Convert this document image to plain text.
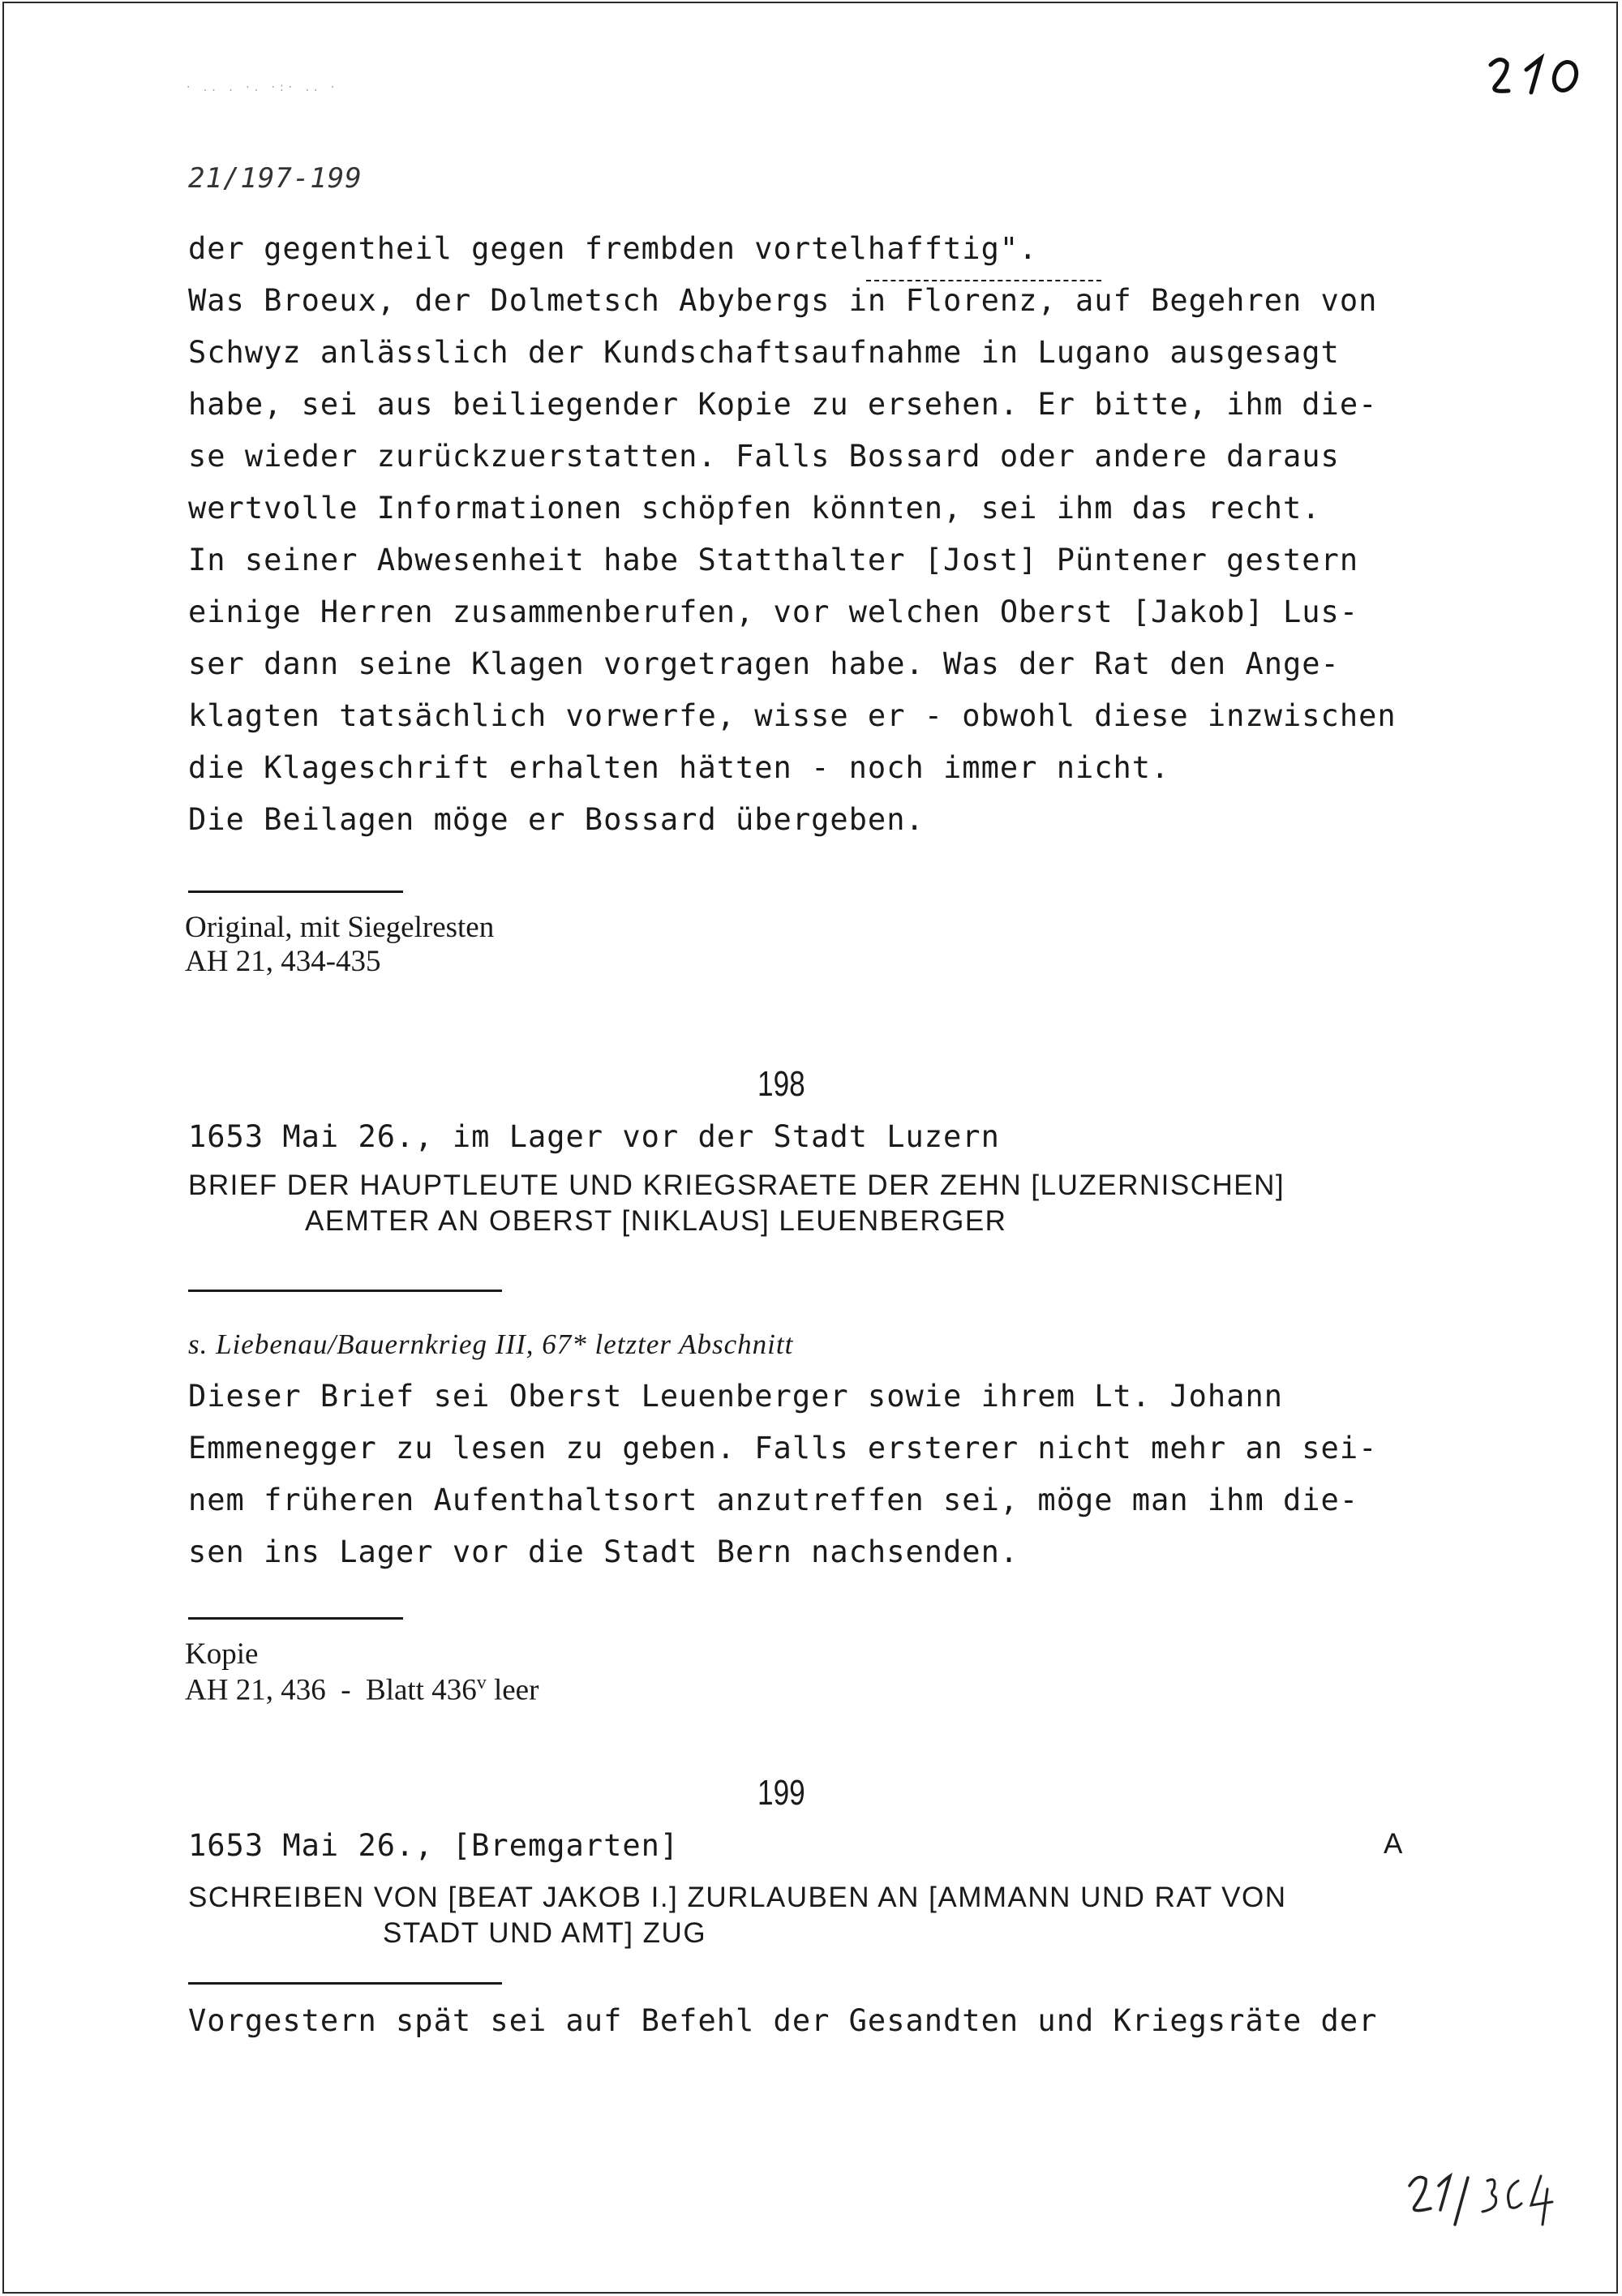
· .. . ·. ·:· .. ·
21/197-199
der gegentheil gegen frembden vortelhafftig".
Was Broeux, der Dolmetsch Abybergs in Florenz, auf Begehren von
Schwyz anlässlich der Kundschaftsaufnahme in Lugano ausgesagt
habe, sei aus beiliegender Kopie zu ersehen. Er bitte, ihm die-
se wieder zurückzuerstatten. Falls Bossard oder andere daraus
wertvolle Informationen schöpfen könnten, sei ihm das recht.
In seiner Abwesenheit habe Statthalter [Jost] Püntener gestern
einige Herren zusammenberufen, vor welchen Oberst [Jakob] Lus-
ser dann seine Klagen vorgetragen habe. Was der Rat den Ange-
klagten tatsächlich vorwerfe, wisse er - obwohl diese inzwischen
die Klageschrift erhalten hätten - noch immer nicht.
Die Beilagen möge er Bossard übergeben.
Original, mit Siegelresten
AH 21, 434-435
198
1653 Mai 26., im Lager vor der Stadt Luzern
BRIEF DER HAUPTLEUTE UND KRIEGSRAETE DER ZEHN [LUZERNISCHEN]
AEMTER AN OBERST [NIKLAUS] LEUENBERGER
s. Liebenau/Bauernkrieg III, 67* letzter Abschnitt
Dieser Brief sei Oberst Leuenberger sowie ihrem Lt. Johann
Emmenegger zu lesen zu geben. Falls ersterer nicht mehr an sei-
nem früheren Aufenthaltsort anzutreffen sei, möge man ihm die-
sen ins Lager vor die Stadt Bern nachsenden.
Kopie
AH 21, 436  -  Blatt 436$^v$ leer
199
1653 Mai 26., [Bremgarten]	A
SCHREIBEN VON [BEAT JAKOB I.] ZURLAUBEN AN [AMMANN UND RAT VON
STADT UND AMT] ZUG
Vorgestern spät sei auf Befehl der Gesandten und Kriegsräte der
